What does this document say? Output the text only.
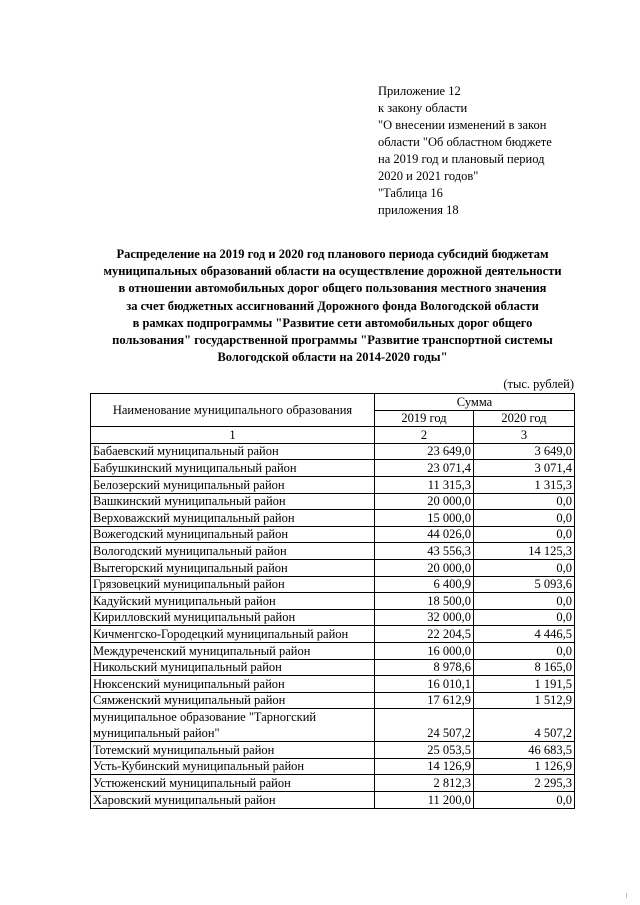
Приложение 12
к закону области
"О внесении изменений в закон
области "Об областном бюджете
на 2019 год и плановый период
2020 и 2021 годов"
"Таблица 16
приложения 18
Распределение на 2019 год и 2020 год планового периода субсидий бюджетам
муниципальных образований области на осуществление дорожной деятельности
в отношении автомобильных дорог общего пользования местного значения
за счет бюджетных ассигнований Дорожного фонда Вологодской области
в рамках подпрограммы "Развитие сети автомобильных дорог общего
пользования" государственной программы "Развитие транспортной системы
Вологодской области на 2014-2020 годы"
(тыс. рублей)
Наименование муниципального образования	Сумма	
	2019 год	2020 год
1	2	3
Бабаевский муниципальный район	23 649,0	3 649,0
Бабушкинский муниципальный район	23 071,4	3 071,4
Белозерский муниципальный район	11 315,3	1 315,3
Вашкинский муниципальный район	20 000,0	0,0
Верховажский муниципальный район	15 000,0	0,0
Вожегодский муниципальный район	44 026,0	0,0
Вологодский муниципальный район	43 556,3	14 125,3
Вытегорский муниципальный район	20 000,0	0,0
Грязовецкий муниципальный район	6 400,9	5 093,6
Кадуйский муниципальный район	18 500,0	0,0
Кирилловский муниципальный район	32 000,0	0,0
Кичменгско-Городецкий муниципальный район	22 204,5	4 446,5
Междуреченский муниципальный район	16 000,0	0,0
Никольский муниципальный район	8 978,6	8 165,0
Нюксенский муниципальный район	16 010,1	1 191,5
Сямженский муниципальный район	17 612,9	1 512,9
муниципальное образование "Тарногский муниципальный район"	24 507,2	4 507,2
Тотемский муниципальный район	25 053,5	46 683,5
Усть-Кубинский муниципальный район	14 126,9	1 126,9
Устюженский муниципальный район	2 812,3	2 295,3
Харовский муниципальный район	11 200,0	0,0
